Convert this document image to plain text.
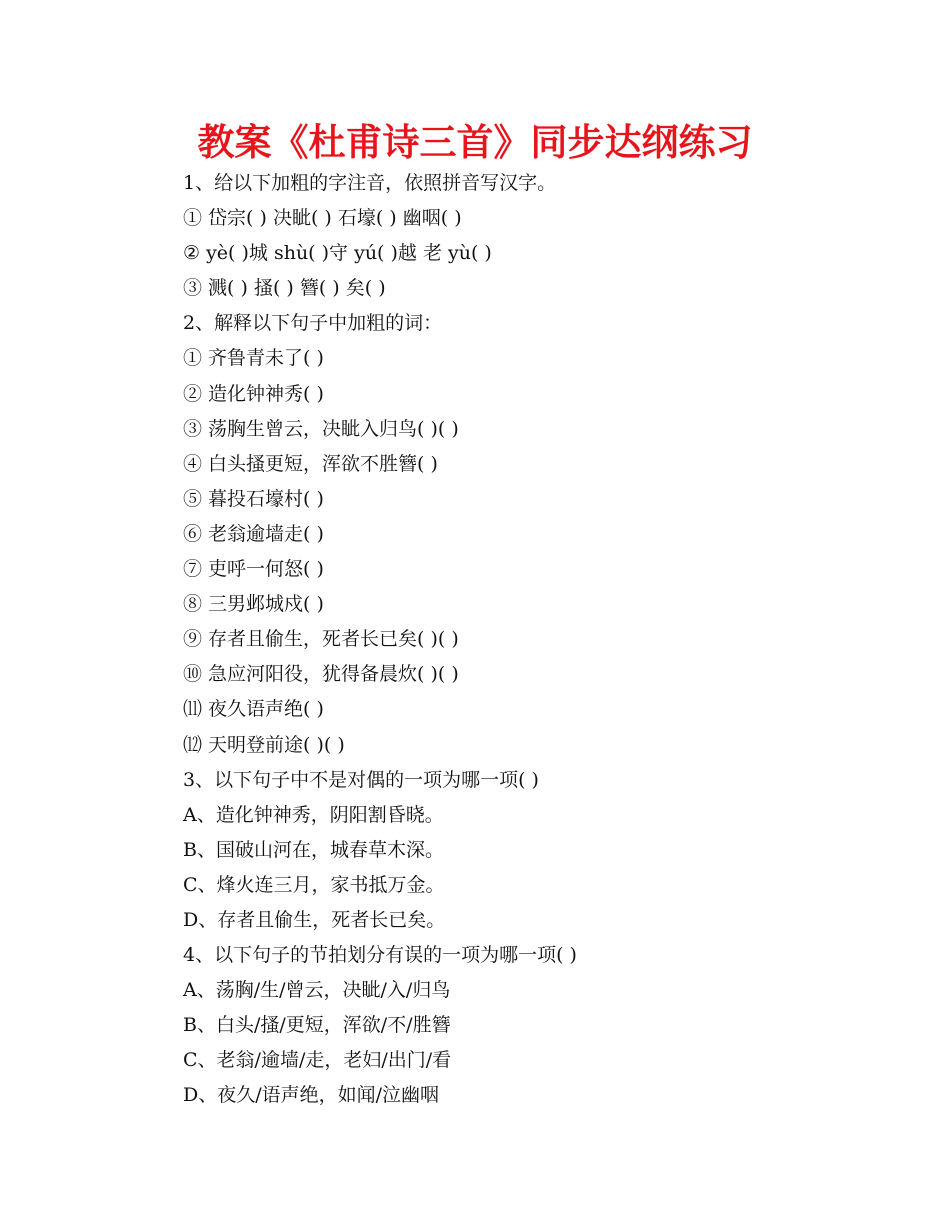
教案《杜甫诗三首》同步达纲练习
1、给以下加粗的字注音，依照拼音写汉字。
① 岱宗( ) 决眦( ) 石壕( ) 幽咽( )
② yè( )城 shù( )守 yú( )越 老 yù( )
③ 溅( ) 搔( ) 簪( ) 矣( )
2、解释以下句子中加粗的词：
① 齐鲁青未了( )
② 造化钟神秀( )
③ 荡胸生曾云，决眦入归鸟( )( )
④ 白头搔更短，浑欲不胜簪( )
⑤ 暮投石壕村( )
⑥ 老翁逾墙走( )
⑦ 吏呼一何怒( )
⑧ 三男邺城戍( )
⑨ 存者且偷生，死者长已矣( )( )
⑩ 急应河阳役，犹得备晨炊( )( )
⑾ 夜久语声绝( )
⑿ 天明登前途( )( )
3、以下句子中不是对偶的一项为哪一项( )
A、造化钟神秀，阴阳割昏晓。
B、国破山河在，城春草木深。
C、烽火连三月，家书抵万金。
D、存者且偷生，死者长已矣。
4、以下句子的节拍划分有误的一项为哪一项( )
A、荡胸/生/曾云，决眦/入/归鸟
B、白头/搔/更短，浑欲/不/胜簪
C、老翁/逾墙/走，老妇/出门/看
D、夜久/语声绝，如闻/泣幽咽
